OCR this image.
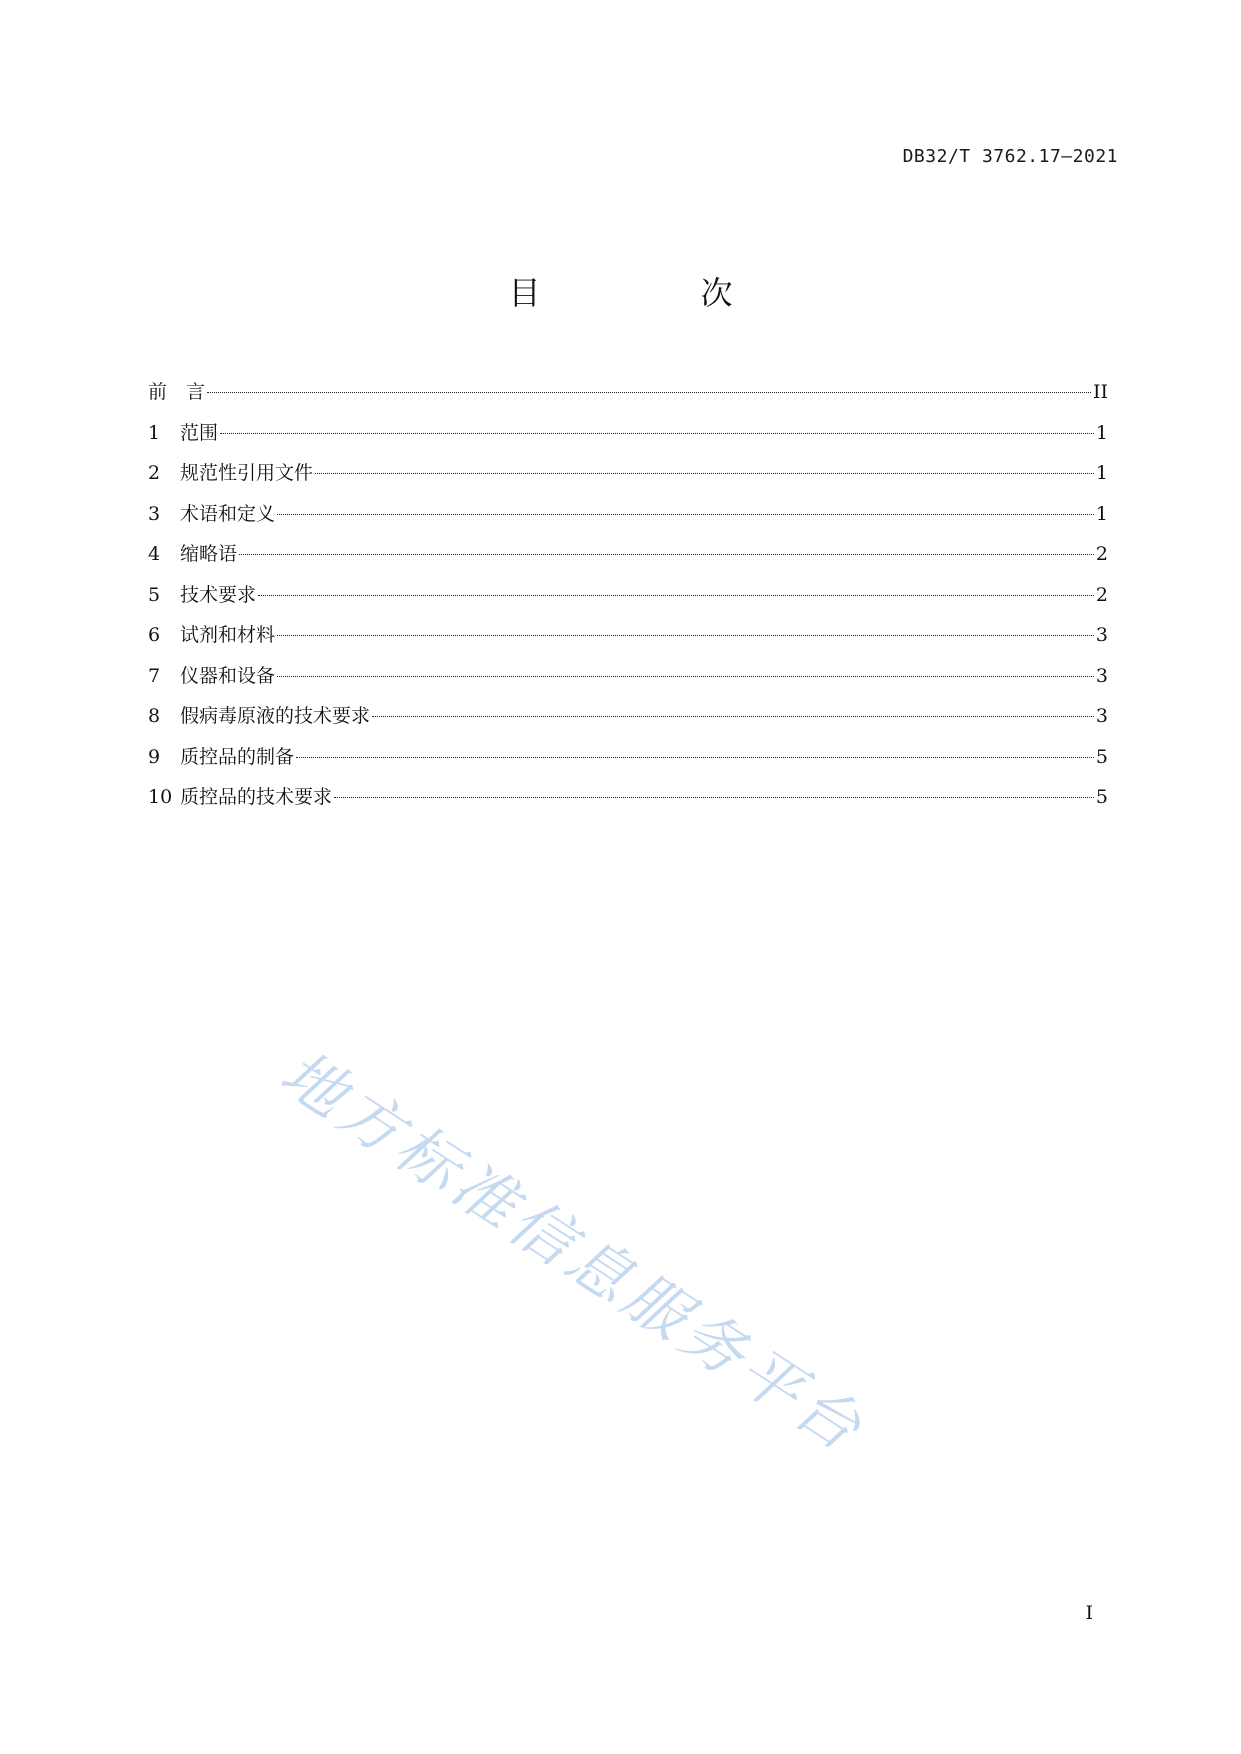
DB32/T 3762.17—2021
目　次
前　言	II
1	范围	1
2	规范性引用文件	1
3	术语和定义	1
4	缩略语	2
5	技术要求	2
6	试剂和材料	3
7	仪器和设备	3
8	假病毒原液的技术要求	3
9	质控品的制备	5
10 质控品的技术要求	5
地方标准信息服务平台
I
